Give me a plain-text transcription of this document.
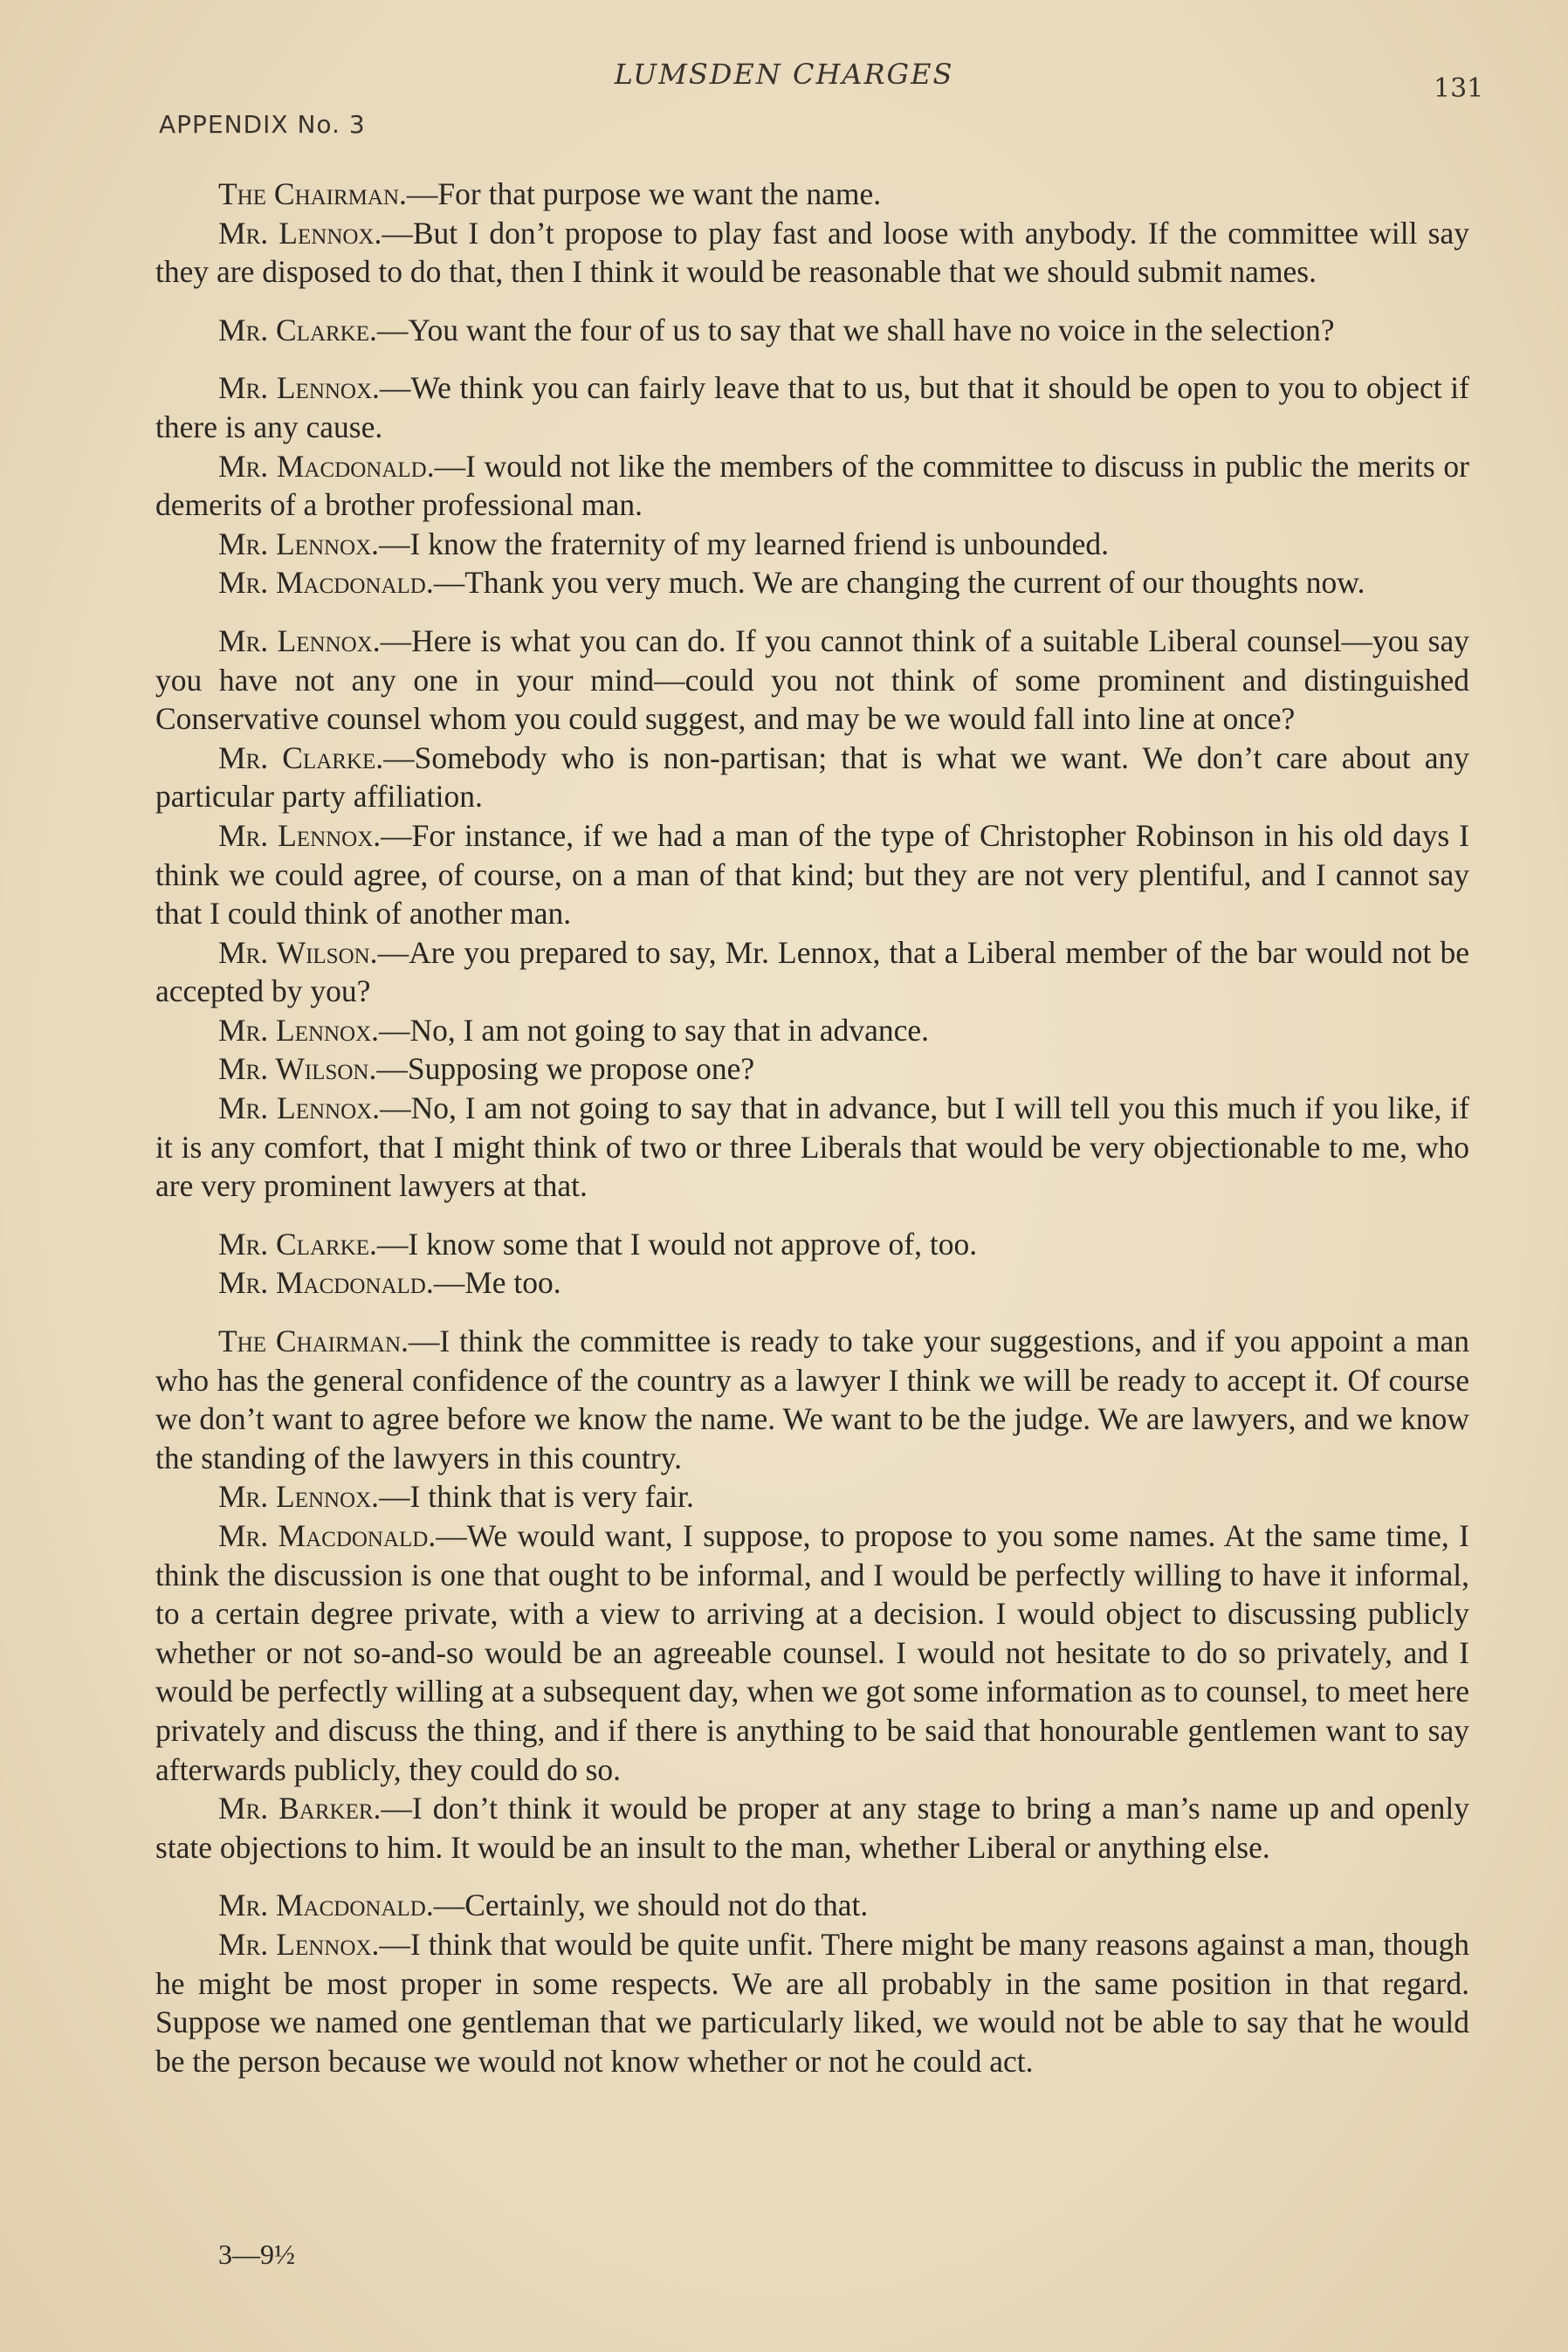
LUMSDEN CHARGES	131
APPENDIX No. 3

The Chairman.—For that purpose we want the name.

Mr. Lennox.—But I don’t propose to play fast and loose with anybody. If the committee will say they are disposed to do that, then I think it would be reasonable that we should submit names.

Mr. Clarke.—You want the four of us to say that we shall have no voice in the selection?

Mr. Lennox.—We think you can fairly leave that to us, but that it should be open to you to object if there is any cause.

Mr. Macdonald.—I would not like the members of the committee to discuss in public the merits or demerits of a brother professional man.

Mr. Lennox.—I know the fraternity of my learned friend is unbounded.

Mr. Macdonald.—Thank you very much. We are changing the current of our thoughts now.

Mr. Lennox.—Here is what you can do. If you cannot think of a suitable Liberal counsel—you say you have not any one in your mind—could you not think of some prominent and distinguished Conservative counsel whom you could suggest, and may be we would fall into line at once?

Mr. Clarke.—Somebody who is non-partisan; that is what we want. We don’t care about any particular party affiliation.

Mr. Lennox.—For instance, if we had a man of the type of Christopher Robinson in his old days I think we could agree, of course, on a man of that kind; but they are not very plentiful, and I cannot say that I could think of another man.

Mr. Wilson.—Are you prepared to say, Mr. Lennox, that a Liberal member of the bar would not be accepted by you?

Mr. Lennox.—No, I am not going to say that in advance.

Mr. Wilson.—Supposing we propose one?

Mr. Lennox.—No, I am not going to say that in advance, but I will tell you this much if you like, if it is any comfort, that I might think of two or three Liberals that would be very objectionable to me, who are very prominent lawyers at that.

Mr. Clarke.—I know some that I would not approve of, too.

Mr. Macdonald.—Me too.

The Chairman.—I think the committee is ready to take your suggestions, and if you appoint a man who has the general confidence of the country as a lawyer I think we will be ready to accept it. Of course we don’t want to agree before we know the name. We want to be the judge. We are lawyers, and we know the standing of the lawyers in this country.

Mr. Lennox.—I think that is very fair.

Mr. Macdonald.—We would want, I suppose, to propose to you some names. At the same time, I think the discussion is one that ought to be informal, and I would be perfectly willing to have it informal, to a certain degree private, with a view to arriving at a decision. I would object to discussing publicly whether or not so-and-so would be an agreeable counsel. I would not hesitate to do so privately, and I would be perfectly willing at a subsequent day, when we got some information as to counsel, to meet here privately and discuss the thing, and if there is anything to be said that honourable gentlemen want to say afterwards publicly, they could do so.

Mr. Barker.—I don’t think it would be proper at any stage to bring a man’s name up and openly state objections to him. It would be an insult to the man, whether Liberal or anything else.

Mr. Macdonald.—Certainly, we should not do that.

Mr. Lennox.—I think that would be quite unfit. There might be many reasons against a man, though he might be most proper in some respects. We are all probably in the same position in that regard. Suppose we named one gentleman that we particularly liked, we would not be able to say that he would be the person because we would not know whether or not he could act.

3—9½
